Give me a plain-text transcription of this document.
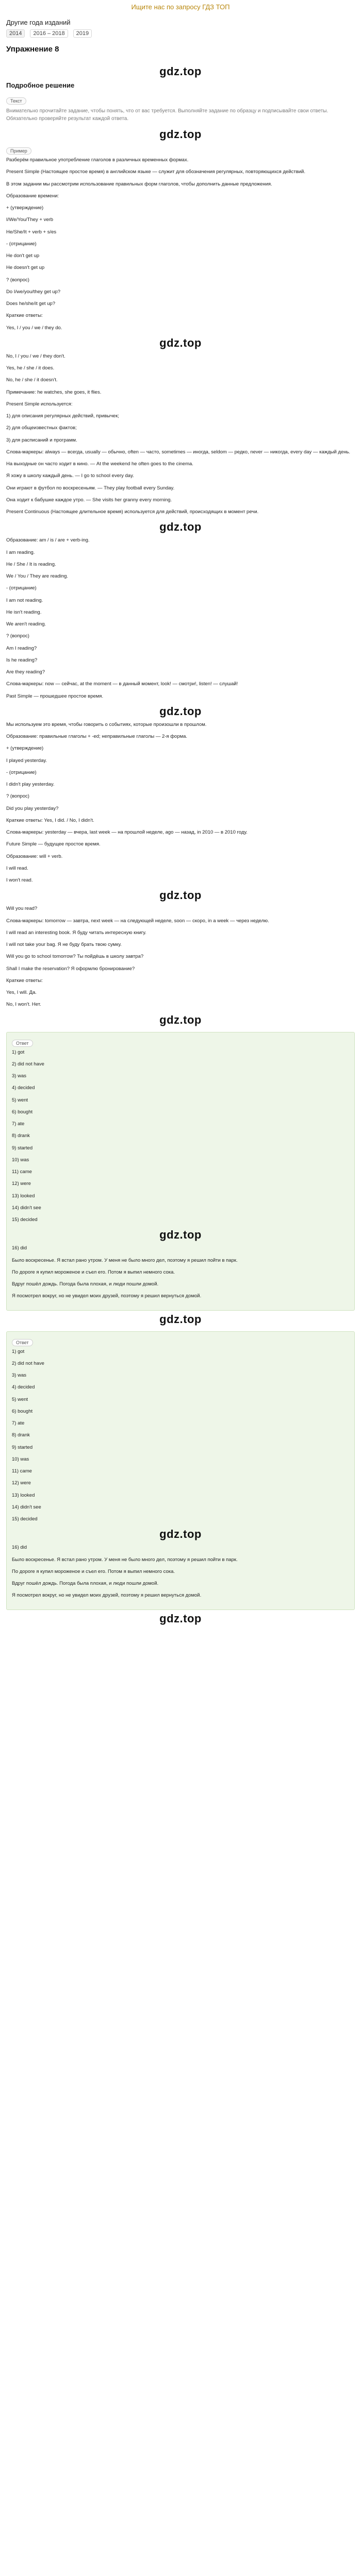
Ищите нас по запросу ГДЗ ТОП
Другие года изданий
2014	2016 – 2018	2019
Упражнение 8
gdz.top
Подробное решение
Текст
Внимательно прочитайте задание, чтобы понять, что от вас требуется. Выполняйте задание по образцу и подписывайте свои ответы. Обязательно проверяйте результат каждой ответа.
gdz.top
Пример

Разберём правильное употребление глаголов в различных временных формах.

Present Simple (Настоящее простое время) в английском языке — служит для обозначения регулярных, повторяющихся действий.

В этом задании мы рассмотрим использование правильных форм глаголов, чтобы дополнить данные предложения.

Образование времени:

+ (утверждение)

I/We/You/They + verb

He/She/It + verb + s/es

- (отрицание)

He don't get up

He doesn't get up

? (вопрос)

Do I/we/you/they get up?

Does he/she/it get up?

Краткие ответы:

Yes, I / you / we / they do.

gdz.top

No, I / you / we / they don't.

Yes, he / she / it does.

No, he / she / it doesn't.

Примечание: he watches, she goes, it flies.

Present Simple используется:

1) для описания регулярных действий, привычек;

2) для общеизвестных фактов;

3) для расписаний и программ.

Слова-маркеры: always — всегда, usually — обычно, often — часто, sometimes — иногда, seldom — редко, never — никогда, every day — каждый день.

На выходные он часто ходит в кино. — At the weekend he often goes to the cinema.

Я хожу в школу каждый день. — I go to school every day.

Они играют в футбол по воскресеньям. — They play football every Sunday.

Она ходит к бабушке каждое утро. — She visits her granny every morning.

Present Continuous (Настоящее длительное время) используется для действий, происходящих в момент речи.

gdz.top

Образование: am / is / are + verb-ing.

I am reading.

He / She / It is reading.

We / You / They are reading.

- (отрицание)

I am not reading.

He isn't reading.

We aren't reading.

? (вопрос)

Am I reading?

Is he reading?

Are they reading?

Слова-маркеры: now — сейчас, at the moment — в данный момент, look! — смотри!, listen! — слушай!

Past Simple — прошедшее простое время.

gdz.top

Мы используем это время, чтобы говорить о событиях, которые произошли в прошлом.

Образование: правильные глаголы + -ed; неправильные глаголы — 2-я форма.

+ (утверждение)

I played yesterday.

- (отрицание)

I didn't play yesterday.

? (вопрос)

Did you play yesterday?

Краткие ответы: Yes, I did. / No, I didn't.

Слова-маркеры: yesterday — вчера, last week — на прошлой неделе, ago — назад, in 2010 — в 2010 году.

Future Simple — будущее простое время.

Образование: will + verb.

I will read.

I won't read.

gdz.top

Will you read?

Слова-маркеры: tomorrow — завтра, next week — на следующей неделе, soon — скоро, in a week — через неделю.

I will read an interesting book. Я буду читать интересную книгу.

I will not take your bag. Я не буду брать твою сумку.

Will you go to school tomorrow? Ты пойдёшь в школу завтра?

Shall I make the reservation? Я оформлю бронирование?

Краткие ответы:

Yes, I will. Да.

No, I won't. Нет.

gdz.top
Ответ

1) got

2) did not have

3) was

4) decided

5) went

6) bought

7) ate

8) drank

9) started

10) was

11) came

12) were

13) looked

14) didn't see

15) decided

gdz.top

16) did

Было воскресенье. Я встал рано утром. У меня не было много дел, поэтому я решил пойти в парк.

По дороге я купил мороженое и съел его. Потом я выпил немного сока.

Вдруг пошёл дождь. Погода была плохая, и люди пошли домой.

Я посмотрел вокруг, но не увидел моих друзей, поэтому я решил вернуться домой.

gdz.top
Ответ

1) got

2) did not have

3) was

4) decided

5) went

6) bought

7) ate

8) drank

9) started

10) was

11) came

12) were

13) looked

14) didn't see

15) decided

gdz.top

16) did

Было воскресенье. Я встал рано утром. У меня не было много дел, поэтому я решил пойти в парк.

По дороге я купил мороженое и съел его. Потом я выпил немного сока.

Вдруг пошёл дождь. Погода была плохая, и люди пошли домой.

Я посмотрел вокруг, но не увидел моих друзей, поэтому я решил вернуться домой.

gdz.top
